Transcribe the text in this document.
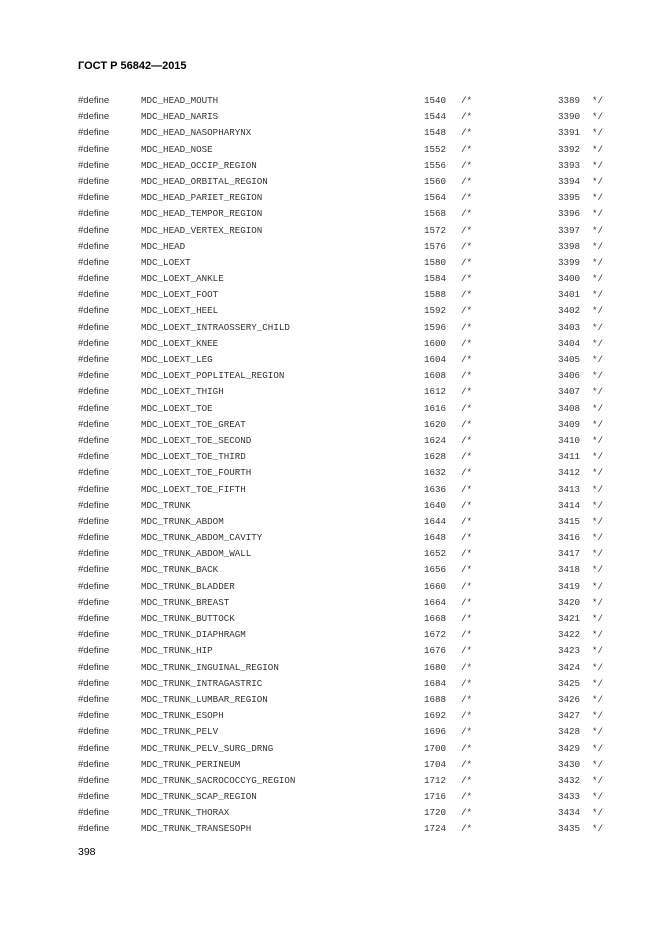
ГОСТ Р 56842—2015
#define	MDC_HEAD_MOUTH	1540 /*	3389 */
#define	MDC_HEAD_NARIS	1544 /*	3390 */
#define	MDC_HEAD_NASOPHARYNX	1548 /*	3391 */
#define	MDC_HEAD_NOSE	1552 /*	3392 */
#define	MDC_HEAD_OCCIP_REGION	1556 /*	3393 */
#define	MDC_HEAD_ORBITAL_REGION	1560 /*	3394 */
#define	MDC_HEAD_PARIET_REGION	1564 /*	3395 */
#define	MDC_HEAD_TEMPOR_REGION	1568 /*	3396 */
#define	MDC_HEAD_VERTEX_REGION	1572 /*	3397 */
#define	MDC_HEAD	1576 /*	3398 */
#define	MDC_LOEXT	1580 /*	3399 */
#define	MDC_LOEXT_ANKLE	1584 /*	3400 */
#define	MDC_LOEXT_FOOT	1588 /*	3401 */
#define	MDC_LOEXT_HEEL	1592 /*	3402 */
#define	MDC_LOEXT_INTRAOSSERY_CHILD	1596 /*	3403 */
#define	MDC_LOEXT_KNEE	1600 /*	3404 */
#define	MDC_LOEXT_LEG	1604 /*	3405 */
#define	MDC_LOEXT_POPLITEAL_REGION	1608 /*	3406 */
#define	MDC_LOEXT_THIGH	1612 /*	3407 */
#define	MDC_LOEXT_TOE	1616 /*	3408 */
#define	MDC_LOEXT_TOE_GREAT	1620 /*	3409 */
#define	MDC_LOEXT_TOE_SECOND	1624 /*	3410 */
#define	MDC_LOEXT_TOE_THIRD	1628 /*	3411 */
#define	MDC_LOEXT_TOE_FOURTH	1632 /*	3412 */
#define	MDC_LOEXT_TOE_FIFTH	1636 /*	3413 */
#define	MDC_TRUNK	1640 /*	3414 */
#define	MDC_TRUNK_ABDOM	1644 /*	3415 */
#define	MDC_TRUNK_ABDOM_CAVITY	1648 /*	3416 */
#define	MDC_TRUNK_ABDOM_WALL	1652 /*	3417 */
#define	MDC_TRUNK_BACK	1656 /*	3418 */
#define	MDC_TRUNK_BLADDER	1660 /*	3419 */
#define	MDC_TRUNK_BREAST	1664 /*	3420 */
#define	MDC_TRUNK_BUTTOCK	1668 /*	3421 */
#define	MDC_TRUNK_DIAPHRAGM	1672 /*	3422 */
#define	MDC_TRUNK_HIP	1676 /*	3423 */
#define	MDC_TRUNK_INGUINAL_REGION	1680 /*	3424 */
#define	MDC_TRUNK_INTRAGASTRIC	1684 /*	3425 */
#define	MDC_TRUNK_LUMBAR_REGION	1688 /*	3426 */
#define	MDC_TRUNK_ESOPH	1692 /*	3427 */
#define	MDC_TRUNK_PELV	1696 /*	3428 */
#define	MDC_TRUNK_PELV_SURG_DRNG	1700 /*	3429 */
#define	MDC_TRUNK_PERINEUM	1704 /*	3430 */
#define	MDC_TRUNK_SACROCOCCYG_REGION	1712 /*	3432 */
#define	MDC_TRUNK_SCAP_REGION	1716 /*	3433 */
#define	MDC_TRUNK_THORAX	1720 /*	3434 */
#define	MDC_TRUNK_TRANSESOPH	1724 /*	3435 */
398
